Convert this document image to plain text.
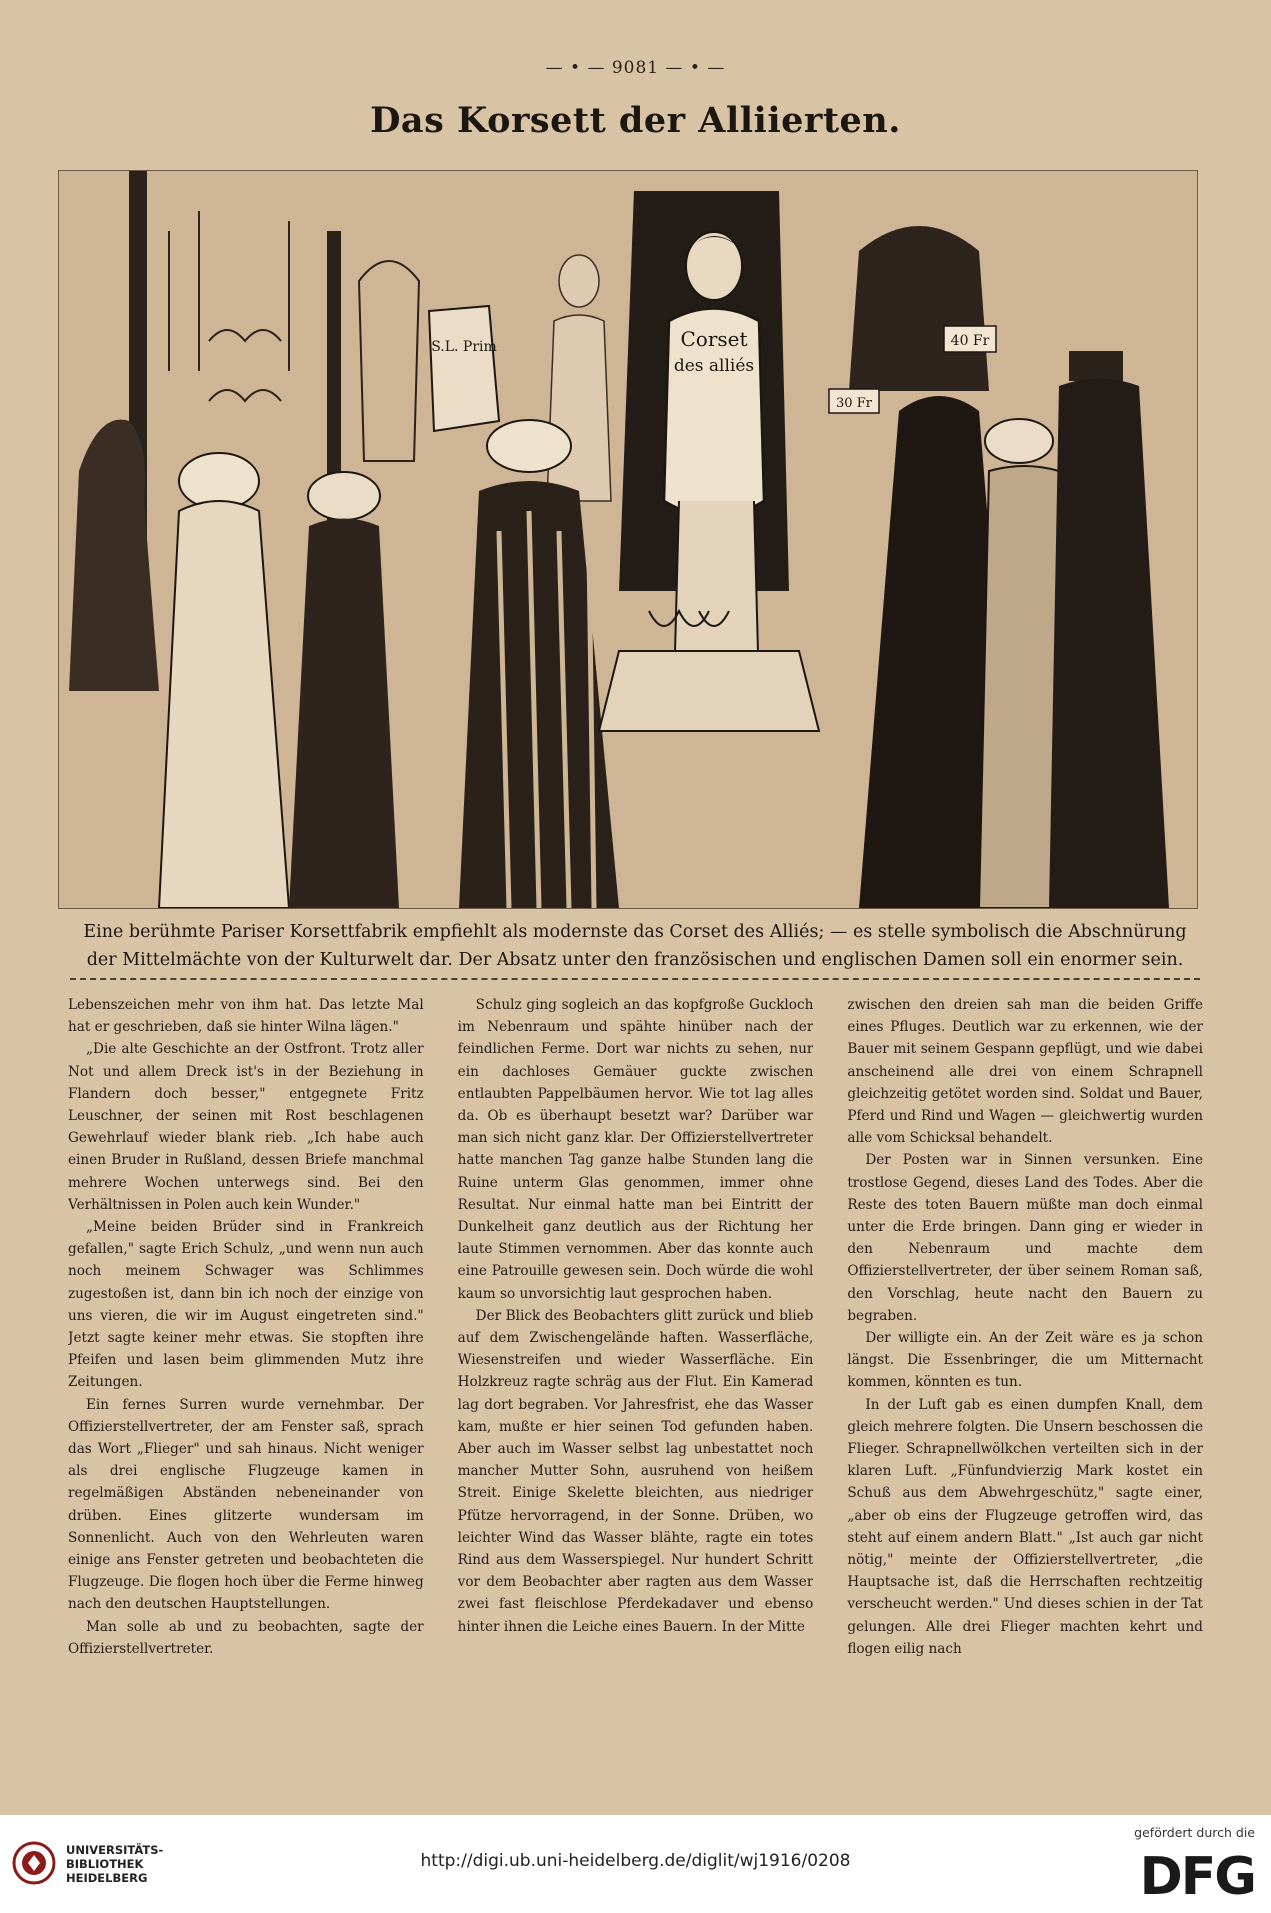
— • — 9081 — • —
Das Korsett der Alliierten.
Corset
des alliés
S.L. Prim	40 Fr
30 Fr
Eine berühmte Pariser Korsettfabrik empfiehlt als modernste das Corset des Alliés; — es stelle symbolisch die Abschnürung der Mittelmächte von der Kulturwelt dar. Der Absatz unter den französischen und englischen Damen soll ein enormer sein.

Lebenszeichen mehr von ihm hat. Das letzte Mal hat er geschrieben, daß sie hinter Wilna lägen."

„Die alte Geschichte an der Ostfront. Trotz aller Not und allem Dreck ist's in der Beziehung in Flandern doch besser," entgegnete Fritz Leuschner, der seinen mit Rost beschlagenen Gewehrlauf wieder blank rieb. „Ich habe auch einen Bruder in Rußland, dessen Briefe manchmal mehrere Wochen unterwegs sind. Bei den Verhältnissen in Polen auch kein Wunder."

„Meine beiden Brüder sind in Frankreich gefallen," sagte Erich Schulz, „und wenn nun auch noch meinem Schwager was Schlimmes zugestoßen ist, dann bin ich noch der einzige von uns vieren, die wir im August eingetreten sind." Jetzt sagte keiner mehr etwas. Sie stopften ihre Pfeifen und lasen beim glimmenden Mutz ihre Zeitungen.

Ein fernes Surren wurde vernehmbar. Der Offizierstellvertreter, der am Fenster saß, sprach das Wort „Flieger" und sah hinaus. Nicht weniger als drei englische Flugzeuge kamen in regelmäßigen Abständen nebeneinander von drüben. Eines glitzerte wundersam im Sonnenlicht. Auch von den Wehrleuten waren einige ans Fenster getreten und beobachteten die Flugzeuge. Die flogen hoch über die Ferme hinweg nach den deutschen Hauptstellungen.

Man solle ab und zu beobachten, sagte der Offizierstellvertreter.

Schulz ging sogleich an das kopfgroße Guckloch im Nebenraum und spähte hinüber nach der feindlichen Ferme. Dort war nichts zu sehen, nur ein dachloses Gemäuer guckte zwischen entlaubten Pappelbäumen hervor. Wie tot lag alles da. Ob es überhaupt besetzt war? Darüber war man sich nicht ganz klar. Der Offizierstellvertreter hatte manchen Tag ganze halbe Stunden lang die Ruine unterm Glas genommen, immer ohne Resultat. Nur einmal hatte man bei Eintritt der Dunkelheit ganz deutlich aus der Richtung her laute Stimmen vernommen. Aber das konnte auch eine Patrouille gewesen sein. Doch würde die wohl kaum so unvorsichtig laut gesprochen haben.

Der Blick des Beobachters glitt zurück und blieb auf dem Zwischengelände haften. Wasserfläche, Wiesenstreifen und wieder Wasserfläche. Ein Holzkreuz ragte schräg aus der Flut. Ein Kamerad lag dort begraben. Vor Jahresfrist, ehe das Wasser kam, mußte er hier seinen Tod gefunden haben. Aber auch im Wasser selbst lag unbestattet noch mancher Mutter Sohn, ausruhend von heißem Streit. Einige Skelette bleichten, aus niedriger Pfütze hervorragend, in der Sonne. Drüben, wo leichter Wind das Wasser blähte, ragte ein totes Rind aus dem Wasserspiegel. Nur hundert Schritt vor dem Beobachter aber ragten aus dem Wasser zwei fast fleischlose Pferdekadaver und ebenso hinter ihnen die Leiche eines Bauern. In der Mitte

zwischen den dreien sah man die beiden Griffe eines Pfluges. Deutlich war zu erkennen, wie der Bauer mit seinem Gespann gepflügt, und wie dabei anscheinend alle drei von einem Schrapnell gleichzeitig getötet worden sind. Soldat und Bauer, Pferd und Rind und Wagen — gleichwertig wurden alle vom Schicksal behandelt.

Der Posten war in Sinnen versunken. Eine trostlose Gegend, dieses Land des Todes. Aber die Reste des toten Bauern müßte man doch einmal unter die Erde bringen. Dann ging er wieder in den Nebenraum und machte dem Offizierstellvertreter, der über seinem Roman saß, den Vorschlag, heute nacht den Bauern zu begraben.

Der willigte ein. An der Zeit wäre es ja schon längst. Die Essenbringer, die um Mitternacht kommen, könnten es tun.

In der Luft gab es einen dumpfen Knall, dem gleich mehrere folgten. Die Unsern beschossen die Flieger. Schrapnellwölkchen verteilten sich in der klaren Luft. „Fünfundvierzig Mark kostet ein Schuß aus dem Abwehrgeschütz," sagte einer, „aber ob eins der Flugzeuge getroffen wird, das steht auf einem andern Blatt." „Ist auch gar nicht nötig," meinte der Offizierstellvertreter, „die Hauptsache ist, daß die Herrschaften rechtzeitig verscheucht werden." Und dieses schien in der Tat gelungen. Alle drei Flieger machten kehrt und flogen eilig nach

UNIVERSITÄTS-
BIBLIOTHEK
HEIDELBERG
http://digi.ub.uni-heidelberg.de/diglit/wj1916/0208
gefördert durch die
DFG
